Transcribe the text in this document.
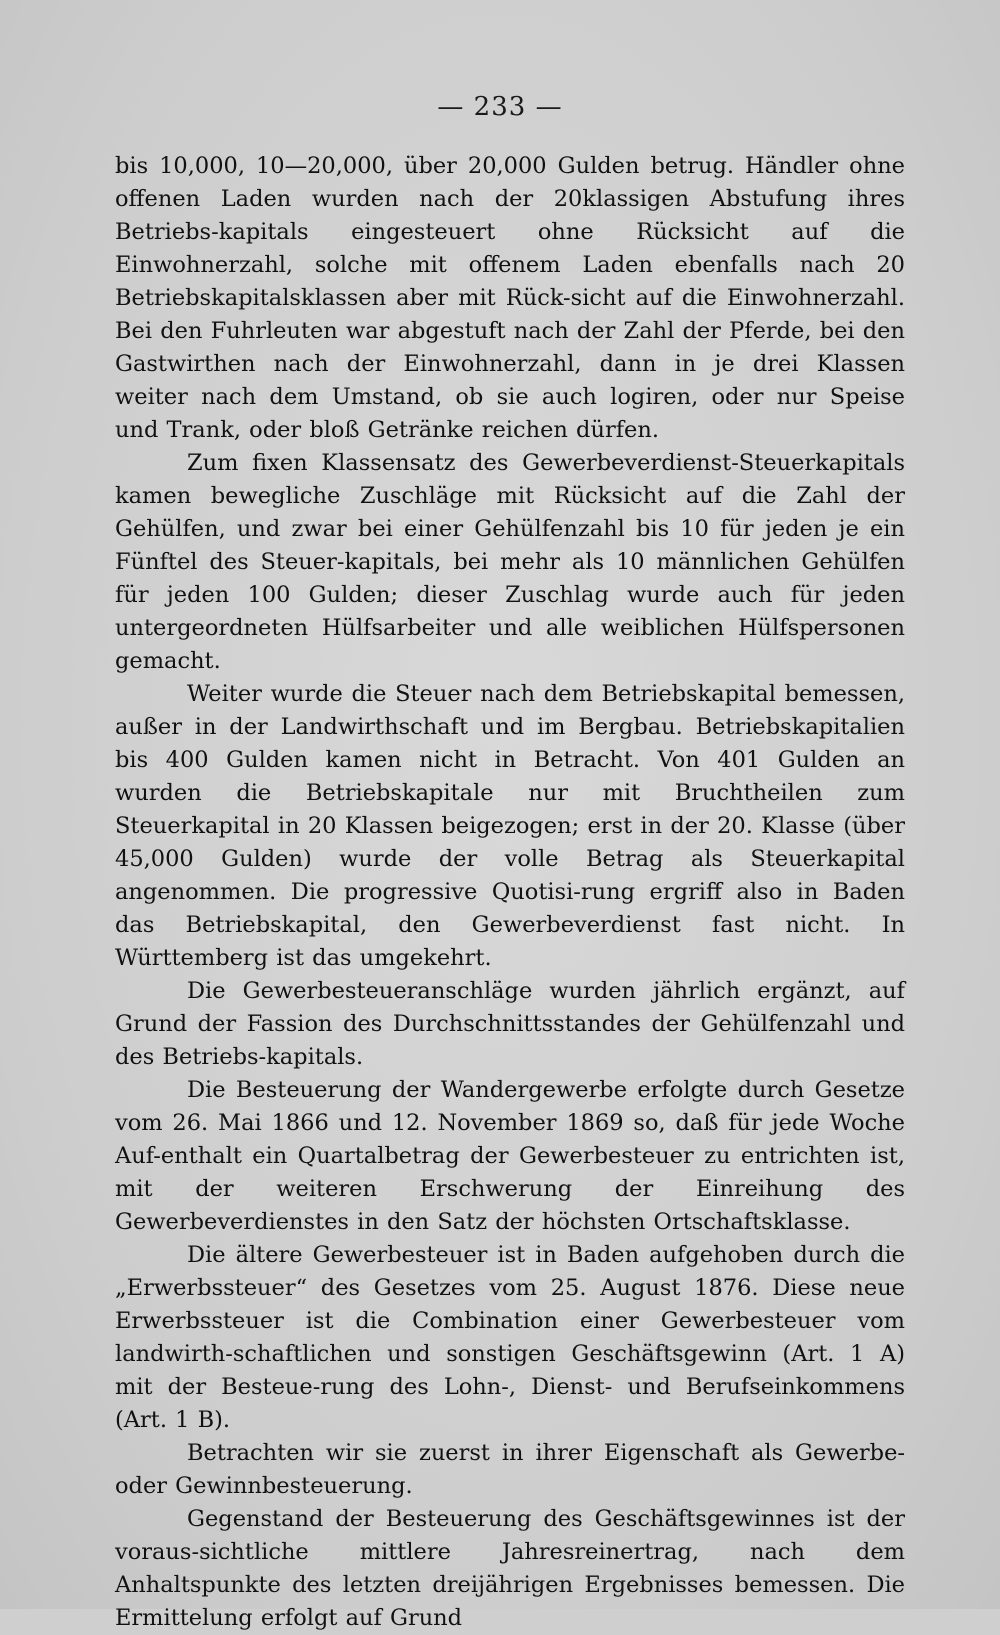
— 233 —

bis 10,000, 10—20,000, über 20,000 Gulden betrug. Händler ohne offenen Laden wurden nach der 20klassigen Abstufung ihres Betriebs-kapitals eingesteuert ohne Rücksicht auf die Einwohnerzahl, solche mit offenem Laden ebenfalls nach 20 Betriebskapitalsklassen aber mit Rück-sicht auf die Einwohnerzahl. Bei den Fuhrleuten war abgestuft nach der Zahl der Pferde, bei den Gastwirthen nach der Einwohnerzahl, dann in je drei Klassen weiter nach dem Umstand, ob sie auch logiren, oder nur Speise und Trank, oder bloß Getränke reichen dürfen.

Zum fixen Klassensatz des Gewerbeverdienst-Steuerkapitals kamen bewegliche Zuschläge mit Rücksicht auf die Zahl der Gehülfen, und zwar bei einer Gehülfenzahl bis 10 für jeden je ein Fünftel des Steuer-kapitals, bei mehr als 10 männlichen Gehülfen für jeden 100 Gulden; dieser Zuschlag wurde auch für jeden untergeordneten Hülfsarbeiter und alle weiblichen Hülfspersonen gemacht.

Weiter wurde die Steuer nach dem Betriebskapital bemessen, außer in der Landwirthschaft und im Bergbau. Betriebskapitalien bis 400 Gulden kamen nicht in Betracht. Von 401 Gulden an wurden die Betriebskapitale nur mit Bruchtheilen zum Steuerkapital in 20 Klassen beigezogen; erst in der 20. Klasse (über 45,000 Gulden) wurde der volle Betrag als Steuerkapital angenommen. Die progressive Quotisi-rung ergriff also in Baden das Betriebskapital, den Gewerbeverdienst fast nicht. In Württemberg ist das umgekehrt.

Die Gewerbesteueranschläge wurden jährlich ergänzt, auf Grund der Fassion des Durchschnittsstandes der Gehülfenzahl und des Betriebs-kapitals.

Die Besteuerung der Wandergewerbe erfolgte durch Gesetze vom 26. Mai 1866 und 12. November 1869 so, daß für jede Woche Auf-enthalt ein Quartalbetrag der Gewerbesteuer zu entrichten ist, mit der weiteren Erschwerung der Einreihung des Gewerbeverdienstes in den Satz der höchsten Ortschaftsklasse.

Die ältere Gewerbesteuer ist in Baden aufgehoben durch die „Erwerbssteuer“ des Gesetzes vom 25. August 1876. Diese neue Erwerbssteuer ist die Combination einer Gewerbesteuer vom landwirth-schaftlichen und sonstigen Geschäftsgewinn (Art. 1 A) mit der Besteue-rung des Lohn-, Dienst- und Berufseinkommens (Art. 1 B).

Betrachten wir sie zuerst in ihrer Eigenschaft als Gewerbe- oder Gewinnbesteuerung.

Gegenstand der Besteuerung des Geschäftsgewinnes ist der voraus-sichtliche mittlere Jahresreinertrag, nach dem Anhaltspunkte des letzten dreijährigen Ergebnisses bemessen. Die Ermittelung erfolgt auf Grund
